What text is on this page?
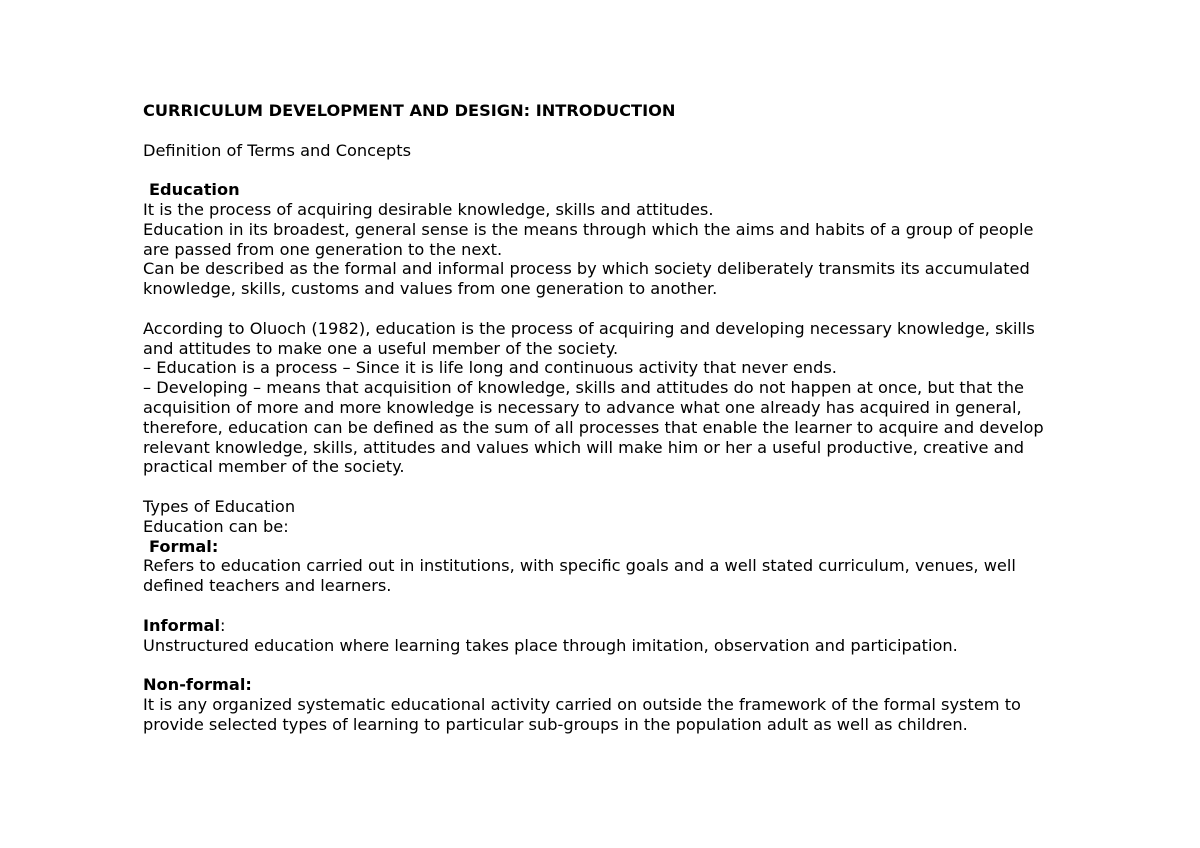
CURRICULUM DEVELOPMENT AND DESIGN: INTRODUCTION
Definition of Terms and Concepts
Education
It is the process of acquiring desirable knowledge, skills and attitudes.
Education in its broadest, general sense is the means through which the aims and habits of a group of people
are passed from one generation to the next.
Can be described as the formal and informal process by which society deliberately transmits its accumulated
knowledge, skills, customs and values from one generation to another.
According to Oluoch (1982), education is the process of acquiring and developing necessary knowledge, skills
and attitudes to make one a useful member of the society.
– Education is a process – Since it is life long and continuous activity that never ends.
– Developing – means that acquisition of knowledge, skills and attitudes do not happen at once, but that the
acquisition of more and more knowledge is necessary to advance what one already has acquired in general,
therefore, education can be defined as the sum of all processes that enable the learner to acquire and develop
relevant knowledge, skills, attitudes and values which will make him or her a useful productive, creative and
practical member of the society.
Types of Education
Education can be:
Formal:
Refers to education carried out in institutions, with specific goals and a well stated curriculum, venues, well
defined teachers and learners.
Informal:
Unstructured education where learning takes place through imitation, observation and participation.
Non-formal:
It is any organized systematic educational activity carried on outside the framework of the formal system to
provide selected types of learning to particular sub-groups in the population adult as well as children.
